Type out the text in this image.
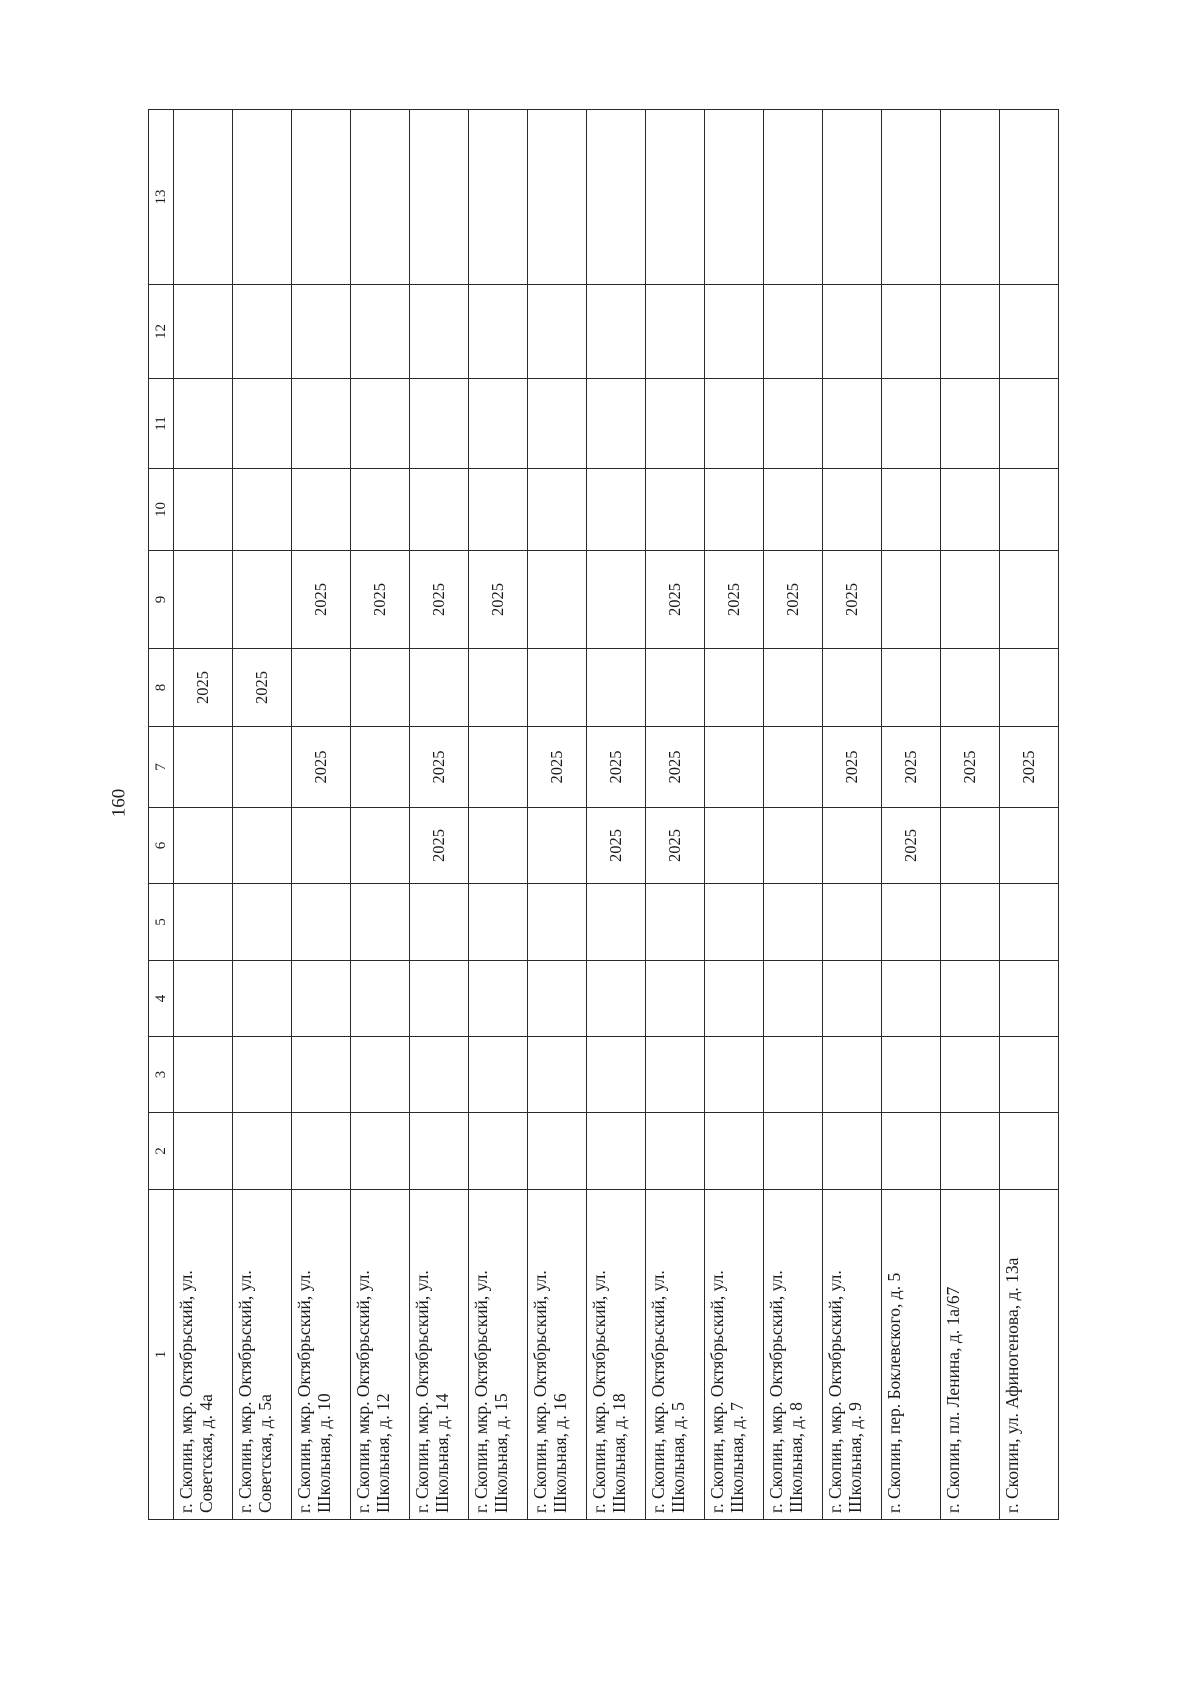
160
1	2	3	4	5	6	7	8	9	10	11	12	13
г. Скопин, мкр. Октябрьский, ул. Советская, д. 4а							2025					
г. Скопин, мкр. Октябрьский, ул. Советская, д. 5а							2025					
г. Скопин, мкр. Октябрьский, ул. Школьная, д. 10						2025		2025				
г. Скопин, мкр. Октябрьский, ул. Школьная, д. 12								2025				
г. Скопин, мкр. Октябрьский, ул. Школьная, д. 14					2025	2025		2025				
г. Скопин, мкр. Октябрьский, ул. Школьная, д. 15								2025				
г. Скопин, мкр. Октябрьский, ул. Школьная, д. 16						2025						
г. Скопин, мкр. Октябрьский, ул. Школьная, д. 18					2025	2025						
г. Скопин, мкр. Октябрьский, ул. Школьная, д. 5					2025	2025		2025				
г. Скопин, мкр. Октябрьский, ул. Школьная, д. 7								2025				
г. Скопин, мкр. Октябрьский, ул. Школьная, д. 8								2025				
г. Скопин, мкр. Октябрьский, ул. Школьная, д. 9						2025		2025				
г. Скопин, пер. Боклевского, д. 5					2025	2025						
г. Скопин, пл. Ленина, д. 1а/67						2025						
г. Скопин, ул. Афиногенова, д. 13а						2025						
